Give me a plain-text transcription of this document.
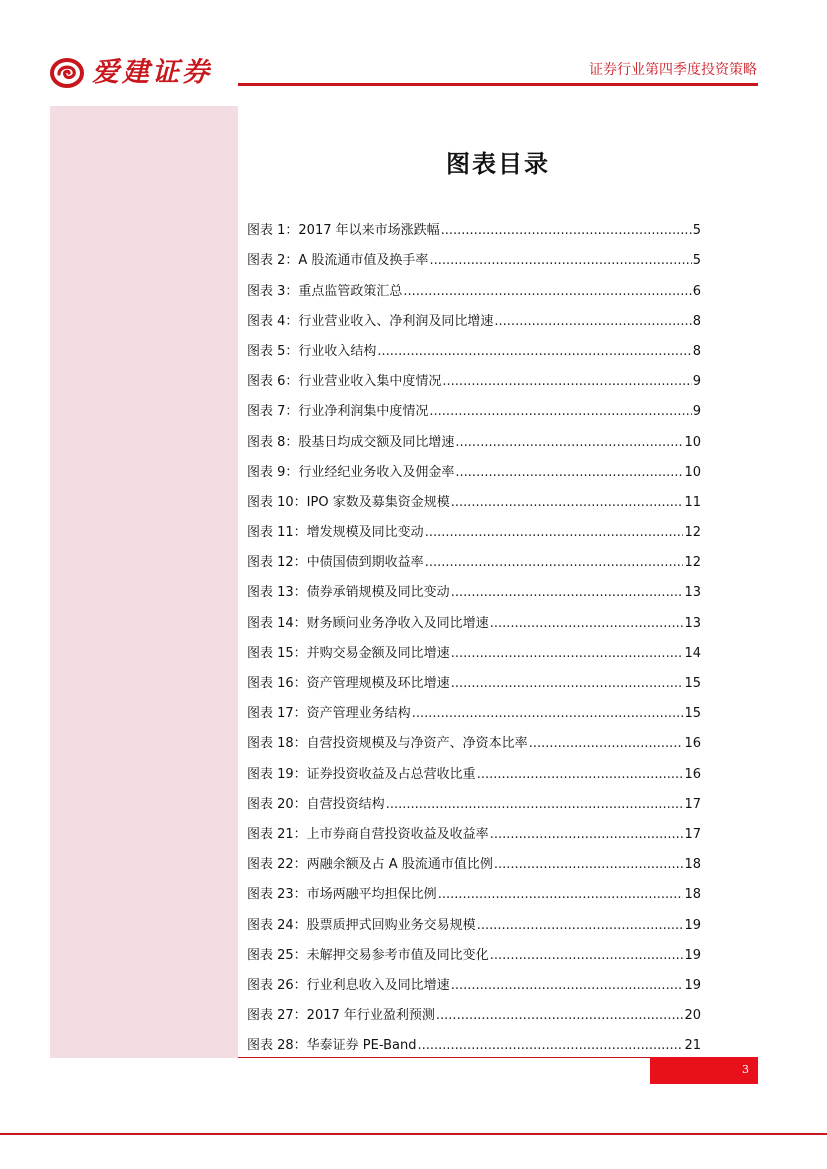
爱建证券	证券行业第四季度投资策略
图表目录
图表 1：2017 年以来市场涨跌幅 .....	5
图表 2：A 股流通市值及换手率 .....	5
图表 3：重点监管政策汇总 .....	6
图表 4：行业营业收入、净利润及同比增速 .....	8
图表 5：行业收入结构 .....	8
图表 6：行业营业收入集中度情况 .....	9
图表 7：行业净利润集中度情况 .....	9
图表 8：股基日均成交额及同比增速 .....	10
图表 9：行业经纪业务收入及佣金率 .....	10
图表 10：IPO 家数及募集资金规模 .....	11
图表 11：增发规模及同比变动 .....	12
图表 12：中债国债到期收益率 .....	12
图表 13：债券承销规模及同比变动 .....	13
图表 14：财务顾问业务净收入及同比增速 .....	13
图表 15：并购交易金额及同比增速 .....	14
图表 16：资产管理规模及环比增速 .....	15
图表 17：资产管理业务结构 .....	15
图表 18：自营投资规模及与净资产、净资本比率 .....	16
图表 19：证券投资收益及占总营收比重 .....	16
图表 20：自营投资结构 .....	17
图表 21：上市券商自营投资收益及收益率 .....	17
图表 22：两融余额及占 A 股流通市值比例 .....	18
图表 23：市场两融平均担保比例 .....	18
图表 24：股票质押式回购业务交易规模 .....	19
图表 25：未解押交易参考市值及同比变化 .....	19
图表 26：行业利息收入及同比增速 .....	19
图表 27：2017 年行业盈利预测 .....	20
图表 28：华泰证券 PE-Band .....	21
3
